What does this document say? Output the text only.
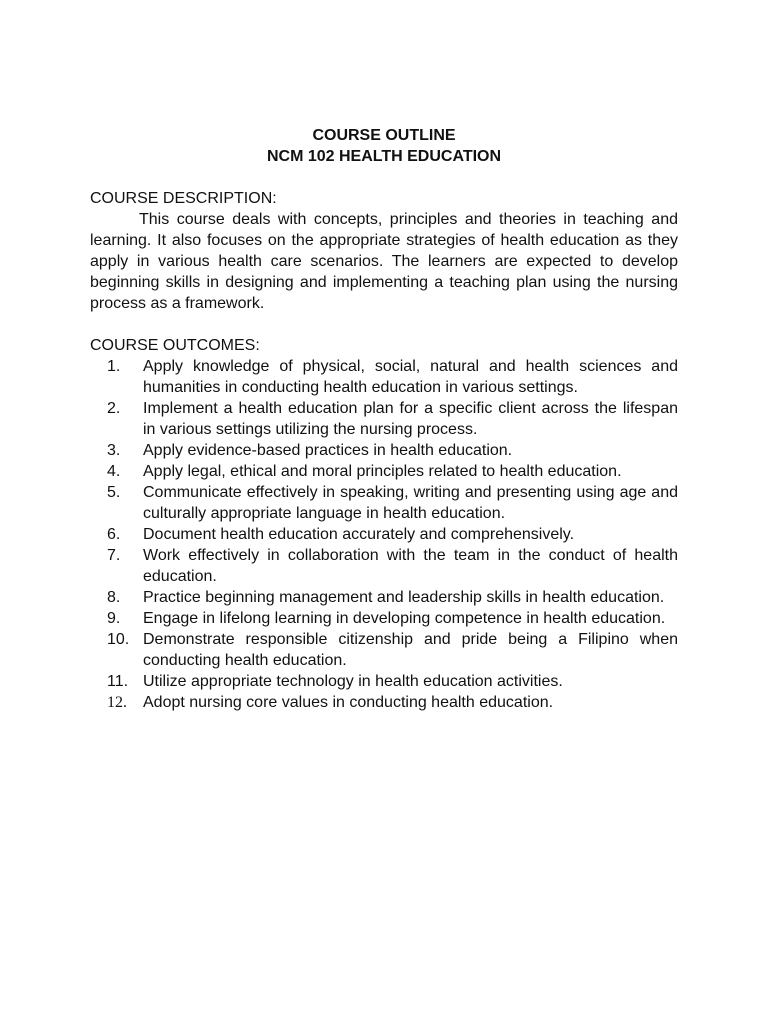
COURSE OUTLINE
NCM 102 HEALTH EDUCATION
COURSE DESCRIPTION:
This course deals with concepts, principles and theories in teaching and learning. It also focuses on the appropriate strategies of health education as they apply in various health care scenarios. The learners are expected to develop beginning skills in designing and implementing a teaching plan using the nursing process as a framework.
COURSE OUTCOMES:
1. Apply knowledge of physical, social, natural and health sciences and humanities in conducting health education in various settings.
2. Implement a health education plan for a specific client across the lifespan in various settings utilizing the nursing process.
3. Apply evidence-based practices in health education.
4. Apply legal, ethical and moral principles related to health education.
5. Communicate effectively in speaking, writing and presenting using age and culturally appropriate language in health education.
6. Document health education accurately and comprehensively.
7. Work effectively in collaboration with the team in the conduct of health education.
8. Practice beginning management and leadership skills in health education.
9. Engage in lifelong learning in developing competence in health education.
10. Demonstrate responsible citizenship and pride being a Filipino when conducting health education.
11. Utilize appropriate technology in health education activities.
12. Adopt nursing core values in conducting health education.
